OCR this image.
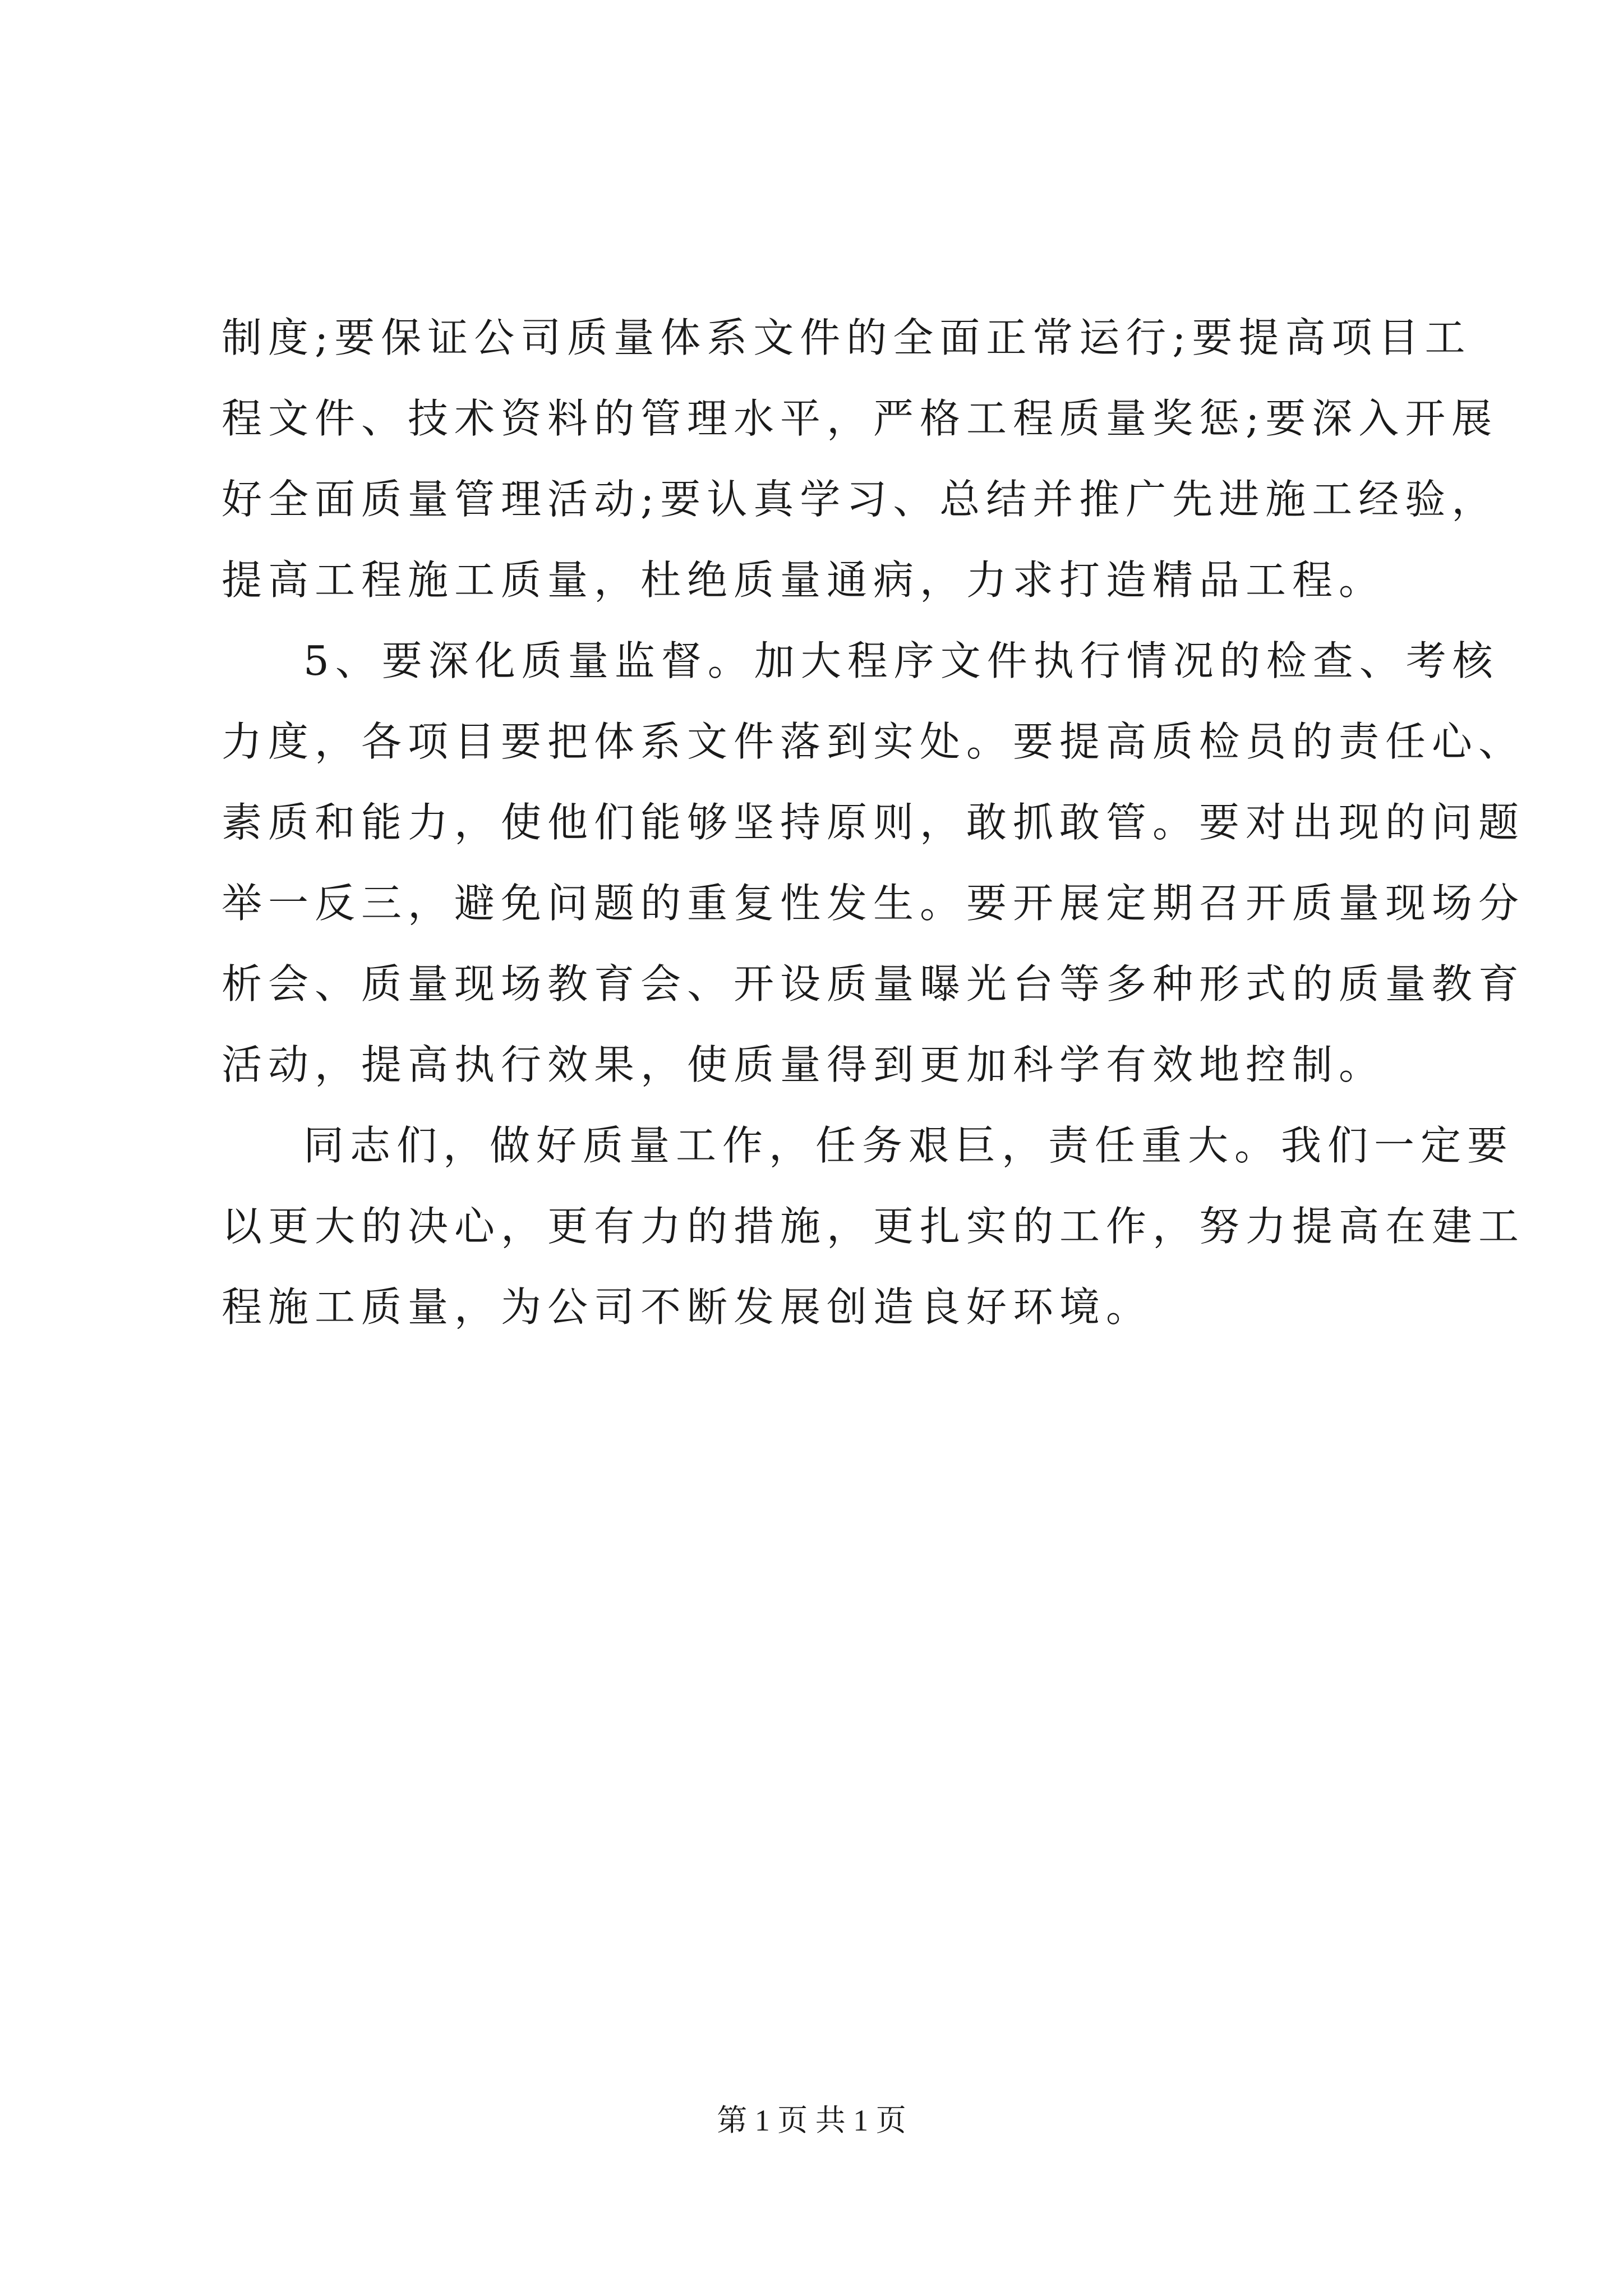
制度;要保证公司质量体系文件的全面正常运行;要提高项目工
程文件、技术资料的管理水平，严格工程质量奖惩;要深入开展
好全面质量管理活动;要认真学习、总结并推广先进施工经验，
提高工程施工质量，杜绝质量通病，力求打造精品工程。
5、要深化质量监督。加大程序文件执行情况的检查、考核
力度，各项目要把体系文件落到实处。要提高质检员的责任心、
素质和能力，使他们能够坚持原则，敢抓敢管。要对出现的问题
举一反三，避免问题的重复性发生。要开展定期召开质量现场分
析会、质量现场教育会、开设质量曝光台等多种形式的质量教育
活动，提高执行效果，使质量得到更加科学有效地控制。
同志们，做好质量工作，任务艰巨，责任重大。我们一定要
以更大的决心，更有力的措施，更扎实的工作，努力提高在建工
程施工质量，为公司不断发展创造良好环境。
第 1 页 共 1 页
